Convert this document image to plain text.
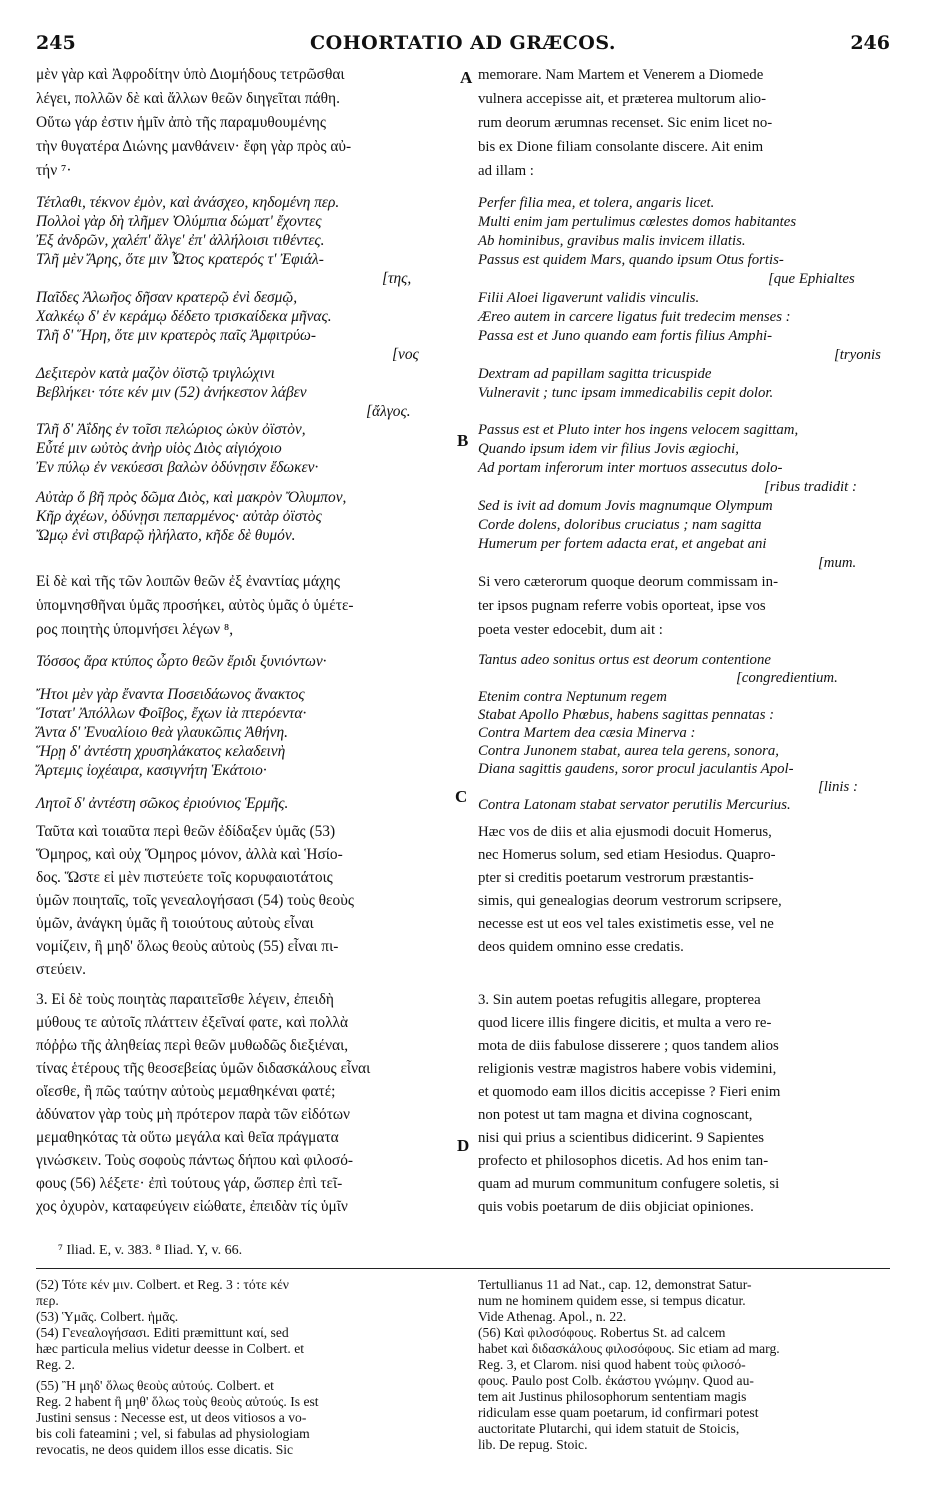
245	COHORTATIO AD GRÆCOS.	246
A
B
C
D
μὲν γὰρ καὶ Ἀφροδίτην ὑπὸ Διομήδους τετρῶσθαι
λέγει, πολλῶν δὲ καὶ ἄλλων θεῶν διηγεῖται πάθη.
Οὕτω γάρ ἐστιν ἡμῖν ἀπὸ τῆς παραμυθουμένης
τὴν θυγατέρα Διώνης μανθάνειν· ἔφη γὰρ πρὸς αὐ-
τήν ⁷·
Τέτλαθι, τέκνον ἐμὸν, καὶ ἀνάσχεο, κηδομένη περ.
Πολλοὶ γὰρ δὴ τλῆμεν Ὀλύμπια δώματ' ἔχοντες
Ἐξ ἀνδρῶν, χαλέπ' ἄλγε' ἐπ' ἀλλήλοισι τιθέντες.
Τλῆ μὲν Ἄρης, ὅτε μιν Ὦτος κρατερός τ' Ἐφιάλ-
[της,
Παῖδες Ἀλωῆος δῆσαν κρατερῷ ἐνὶ δεσμῷ,
Χαλκέῳ δ' ἐν κεράμῳ δέδετο τρισκαίδεκα μῆνας.
Τλῆ δ' Ἥρη, ὅτε μιν κρατερὸς παῖς Ἀμφιτρύω-
[νος
Δεξιτερὸν κατὰ μαζὸν ὀϊστῷ τριγλώχινι
Βεβλήκει· τότε κέν μιν (52) ἀνήκεστον λάβεν
[ἄλγος.
Τλῆ δ' Ἀΐδης ἐν τοῖσι πελώριος ὠκὺν ὀϊστὸν,
Εὖτέ μιν ωὐτὸς ἀνὴρ υἱὸς Διὸς αἰγιόχοιο
Ἐν πύλῳ ἐν νεκύεσσι βαλὼν ὀδύνῃσιν ἔδωκεν·
Αὐτὰρ ὅ βῆ πρὸς δῶμα Διὸς, καὶ μακρὸν Ὄλυμπον,
Κῆρ ἀχέων, ὀδύνῃσι πεπαρμένος· αὐτὰρ ὀϊστὸς
Ὤμῳ ἐνὶ στιβαρῷ ἠλήλατο, κῆδε δὲ θυμόν.
Εἰ δὲ καὶ τῆς τῶν λοιπῶν θεῶν ἐξ ἐναντίας μάχης
ὑπομνησθῆναι ὑμᾶς προσήκει, αὐτὸς ὑμᾶς ὁ ὑμέτε-
ρος ποιητὴς ὑπομνήσει λέγων ⁸,
Τόσσος ἄρα κτύπος ὦρτο θεῶν ἔριδι ξυνιόντων·
Ἤτοι μὲν γὰρ ἔναντα Ποσειδάωνος ἄνακτος
Ἵστατ' Ἀπόλλων Φοῖβος, ἔχων ἰὰ πτερόεντα·
Ἄντα δ' Ἐνυαλίοιο θεὰ γλαυκῶπις Ἀθήνη.
Ἥρῃ δ' ἀντέστη χρυσηλάκατος κελαδεινὴ
Ἄρτεμις ἰοχέαιρα, κασιγνήτη Ἑκάτοιο·
Λητοῖ δ' ἀντέστη σῶκος ἐριούνιος Ἑρμῆς.
Ταῦτα καὶ τοιαῦτα περὶ θεῶν ἐδίδαξεν ὑμᾶς (53)
Ὅμηρος, καὶ οὐχ Ὅμηρος μόνον, ἀλλὰ καὶ Ἡσίο-
δος. Ὥστε εἰ μὲν πιστεύετε τοῖς κορυφαιοτάτοις
ὑμῶν ποιηταῖς, τοῖς γενεαλογήσασι (54) τοὺς θεοὺς
ὑμῶν, ἀνάγκη ὑμᾶς ἢ τοιούτους αὐτοὺς εἶναι
νομίζειν, ἢ μηδ' ὅλως θεοὺς αὐτοὺς (55) εἶναι πι-
στεύειν.
3. Εἰ δὲ τοὺς ποιητὰς παραιτεῖσθε λέγειν, ἐπειδὴ
μύθους τε αὐτοῖς πλάττειν ἐξεῖναί φατε, καὶ πολλὰ
πόῤῥω τῆς ἀληθείας περὶ θεῶν μυθωδῶς διεξιέναι,
τίνας ἑτέρους τῆς θεοσεβείας ὑμῶν διδασκάλους εἶναι
οἴεσθε, ἢ πῶς ταύτην αὐτοὺς μεμαθηκέναι φατέ;
ἀδύνατον γὰρ τοὺς μὴ πρότερον παρὰ τῶν εἰδότων
μεμαθηκότας τὰ οὕτω μεγάλα καὶ θεῖα πράγματα
γινώσκειν. Τοὺς σοφοὺς πάντως δήπου καὶ φιλοσό-
φους (56) λέξετε· ἐπὶ τούτους γάρ, ὥσπερ ἐπὶ τεῖ-
χος ὀχυρὸν, καταφεύγειν εἰώθατε, ἐπειδὰν τίς ὑμῖν
memorare. Nam Martem et Venerem a Diomede
vulnera accepisse ait, et præterea multorum alio-
rum deorum ærumnas recenset. Sic enim licet no-
bis ex Dione filiam consolante discere. Ait enim
ad illam :
Perfer filia mea, et tolera, angaris licet.
Multi enim jam pertulimus cœlestes domos habitantes
Ab hominibus, gravibus malis invicem illatis.
Passus est quidem Mars, quando ipsum Otus fortis-
[que Ephialtes
Filii Aloei ligaverunt validis vinculis.
Æreo autem in carcere ligatus fuit tredecim menses :
Passa est et Juno quando eam fortis filius Amphi-
[tryonis
Dextram ad papillam sagitta tricuspide
Vulneravit ; tunc ipsam immedicabilis cepit dolor.
Passus est et Pluto inter hos ingens velocem sagittam,
Quando ipsum idem vir filius Jovis ægiochi,
Ad portam inferorum inter mortuos assecutus dolo-
[ribus tradidit :
Sed is ivit ad domum Jovis magnumque Olympum
Corde dolens, doloribus cruciatus ; nam sagitta
Humerum per fortem adacta erat, et angebat ani
[mum.
Si vero cæterorum quoque deorum commissam in-
ter ipsos pugnam referre vobis oporteat, ipse vos
poeta vester edocebit, dum ait :
Tantus adeo sonitus ortus est deorum contentione
[congredientium.
Etenim contra Neptunum regem
Stabat Apollo Phœbus, habens sagittas pennatas :
Contra Martem dea cæsia Minerva :
Contra Junonem stabat, aurea tela gerens, sonora,
Diana sagittis gaudens, soror procul jaculantis Apol-
[linis :
Contra Latonam stabat servator perutilis Mercurius.
Hæc vos de diis et alia ejusmodi docuit Homerus,
nec Homerus solum, sed etiam Hesiodus. Quapro-
pter si creditis poetarum vestrorum præstantis-
simis, qui genealogias deorum vestrorum scripsere,
necesse est ut eos vel tales existimetis esse, vel ne
deos quidem omnino esse credatis.
3. Sin autem poetas refugitis allegare, propterea
quod licere illis fingere dicitis, et multa a vero re-
mota de diis fabulose disserere ; quos tandem alios
religionis vestræ magistros habere vobis videmini,
et quomodo eam illos dicitis accepisse ? Fieri enim
non potest ut tam magna et divina cognoscant,
nisi qui prius a scientibus didicerint. 9 Sapientes
profecto et philosophos dicetis. Ad hos enim tan-
quam ad murum communitum confugere soletis, si
quis vobis poetarum de diis objiciat opiniones.
⁷ Iliad. E, v. 383. ⁸ Iliad. Y, v. 66.
(52) Τότε κέν μιν. Colbert. et Reg. 3 : τότε κέν
περ.
(53) Ὑμᾶς. Colbert. ἡμᾶς.
(54) Γενεαλογήσασι. Editi præmittunt καί, sed
hæc particula melius videtur deesse in Colbert. et
Reg. 2.
(55) Ἢ μηδ' ὅλως θεοὺς αὐτούς. Colbert. et
Reg. 2 habent ἢ μηθ' ὅλως τοὺς θεοὺς αὐτούς. Is est
Justini sensus : Necesse est, ut deos vitiosos a vo-
bis coli fateamini ; vel, si fabulas ad physiologiam
revocatis, ne deos quidem illos esse dicatis. Sic
Tertullianus 11 ad Nat., cap. 12, demonstrat Satur-
num ne hominem quidem esse, si tempus dicatur.
Vide Athenag. Apol., n. 22.
(56) Καὶ φιλοσόφους. Robertus St. ad calcem
habet καὶ διδασκάλους φιλοσόφους. Sic etiam ad marg.
Reg. 3, et Clarom. nisi quod habent τοὺς φιλοσό-
φους. Paulo post Colb. ἐκάστου γνώμην. Quod au-
tem ait Justinus philosophorum sententiam magis
ridiculam esse quam poetarum, id confirmari potest
auctoritate Plutarchi, qui idem statuit de Stoicis,
lib. De repug. Stoic.
